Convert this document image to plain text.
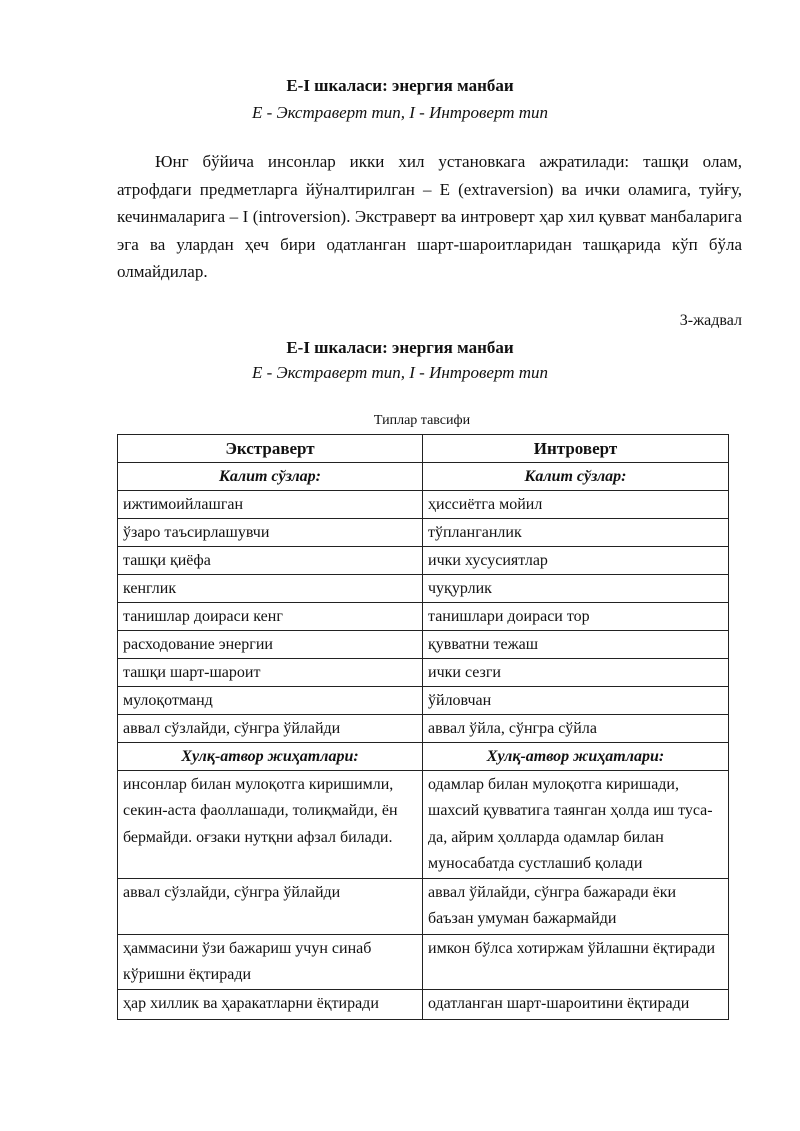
E-I шкаласи: энергия манбаи
E - Экстраверт тип, I - Интроверт тип

Юнг бўйича инсонлар икки хил установкага ажратилади: ташқи олам, атрофдаги предметларга йўналтирилган – E (extraversion) ва ички оламига, туйғу, кечинмаларига – I (introversion). Экстраверт ва интроверт ҳар хил қувват манбаларига эга ва улардан ҳеч бири одатланган шарт-шароитларидан ташқарида кўп бўла олмайдилар.

3-жадвал
E-I шкаласи: энергия манбаи
E - Экстраверт тип, I - Интроверт тип
Типлар тавсифи
Экстраверт	Интроверт
Калит сўзлар:	Калит сўзлар:
ижтимоийлашган	ҳиссиётга мойил
ўзаро таъсирлашувчи	тўпланганлик
ташқи қиёфа	ички хусусиятлар
кенглик	чуқурлик
танишлар доираси кенг	танишлари доираси тор
расходование энергии	қувватни тежаш
ташқи шарт-шароит	ички сезги
мулоқотманд	ўйловчан
аввал сўзлайди, сўнгра ўйлайди	аввал ўйла, сўнгра сўйла
Хулқ-атвор жиҳатлари:	Хулқ-атвор жиҳатлари:
инсонлар билан мулоқотга киришимли, секин-аста фаоллашади, толиқмайди, ён бермайди. оғзаки нутқни афзал билади.	одамлар билан мулоқотга киришади, шахсий қувватига таянган ҳолда иш туса-да, айрим ҳолларда одамлар билан муносабатда сустлашиб қолади
аввал сўзлайди, сўнгра ўйлайди	аввал ўйлайди, сўнгра бажаради ёки баъзан умуман бажармайди
ҳаммасини ўзи бажариш учун синаб кўришни ёқтиради	имкон бўлса хотиржам ўйлашни ёқтиради
ҳар хиллик ва ҳаракатларни ёқтиради	одатланган шарт-шароитини ёқтиради
